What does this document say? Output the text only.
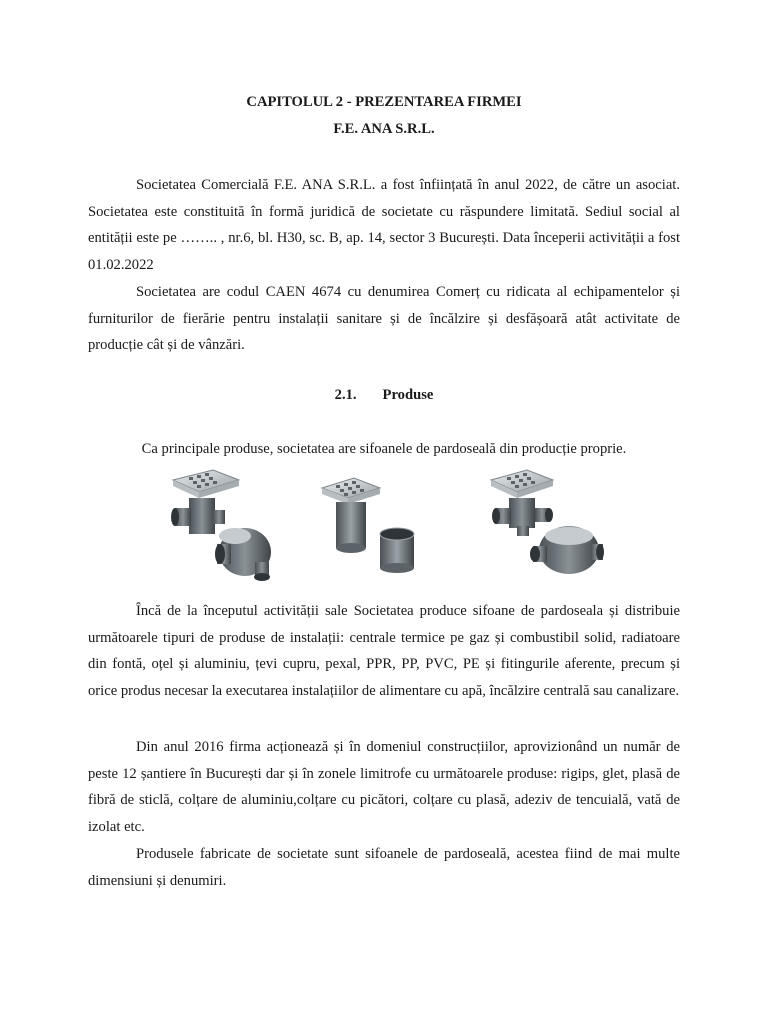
CAPITOLUL 2 - PREZENTAREA FIRMEI
F.E. ANA S.R.L.
Societatea Comercială F.E. ANA S.R.L. a fost înființată în anul 2022, de către un asociat. Societatea este constituită în formă juridică de societate cu răspundere limitată. Sediul social al entității este pe …….. , nr.6, bl. H30, sc. B, ap. 14, sector 3 București. Data începerii activității a fost 01.02.2022
Societatea are codul CAEN 4674 cu denumirea Comerț cu ridicata al echipamentelor și furniturilor de fierărie pentru instalații sanitare și de încălzire și desfășoară atât activitate de producție cât și de vânzări.
2.1. Produse
Ca principale produse, societatea are sifoanele de pardoseală din producție proprie.
Încă de la începutul activității sale Societatea produce sifoane de pardoseala și distribuie următoarele tipuri de produse de instalații: centrale termice pe gaz și combustibil solid, radiatoare din fontă, oțel și aluminiu, țevi cupru, pexal, PPR, PP, PVC, PE și fitingurile aferente, precum și orice produs necesar la executarea instalațiilor de alimentare cu apă, încălzire centrală sau canalizare.
Din anul 2016 firma acționează și în domeniul construcțiilor, aprovizionând un număr de peste 12 șantiere în București dar și în zonele limitrofe cu următoarele produse: rigips, glet, plasă de fibră de sticlă, colțare de aluminiu,colțare cu picători, colțare cu plasă, adeziv de tencuială, vată de izolat etc.
Produsele fabricate de societate sunt sifoanele de pardoseală, acestea fiind de mai multe dimensiuni și denumiri.
